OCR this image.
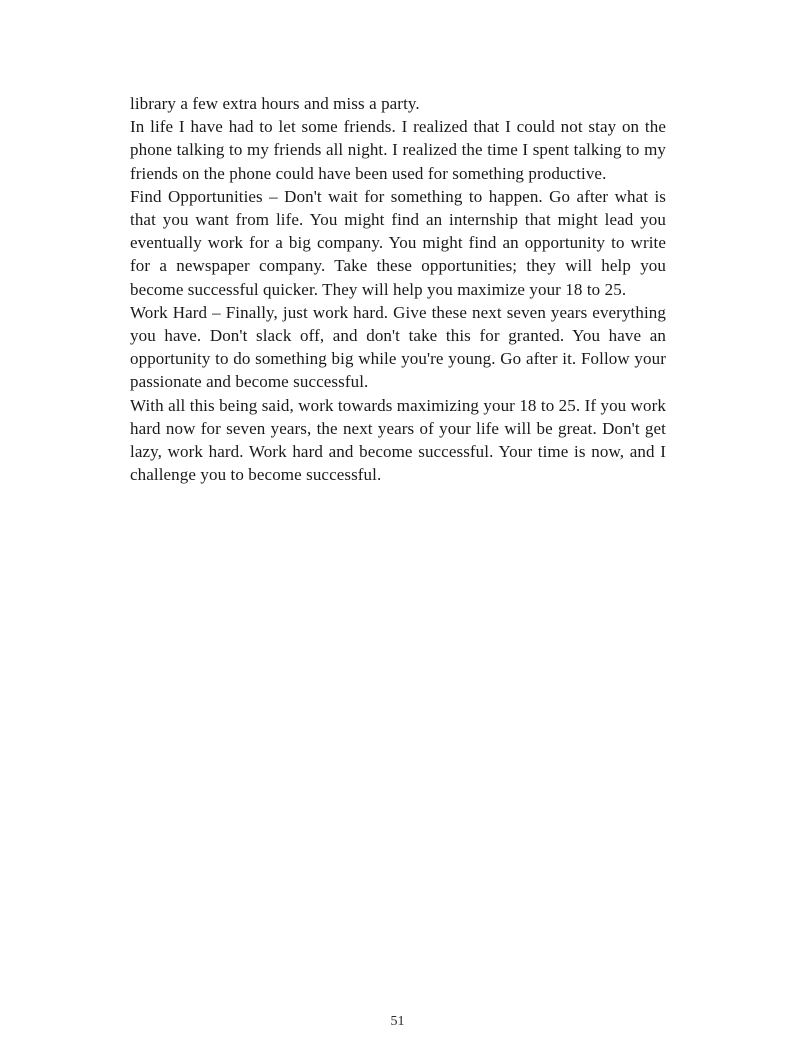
library a few extra hours and miss a party.

In life I have had to let some friends. I realized that I could not stay on the phone talking to my friends all night. I realized the time I spent talking to my friends on the phone could have been used for something productive.

Find Opportunities – Don't wait for something to happen. Go after what is that you want from life. You might find an internship that might lead you eventually work for a big company. You might find an opportunity to write for a newspaper company. Take these opportunities; they will help you become successful quicker. They will help you maximize your 18 to 25.

Work Hard – Finally, just work hard. Give these next seven years everything you have. Don't slack off, and don't take this for granted. You have an opportunity to do something big while you're young. Go after it. Follow your passionate and become successful.

With all this being said, work towards maximizing your 18 to 25. If you work hard now for seven years, the next years of your life will be great. Don't get lazy, work hard. Work hard and become successful. Your time is now, and I challenge you to become successful.

51
